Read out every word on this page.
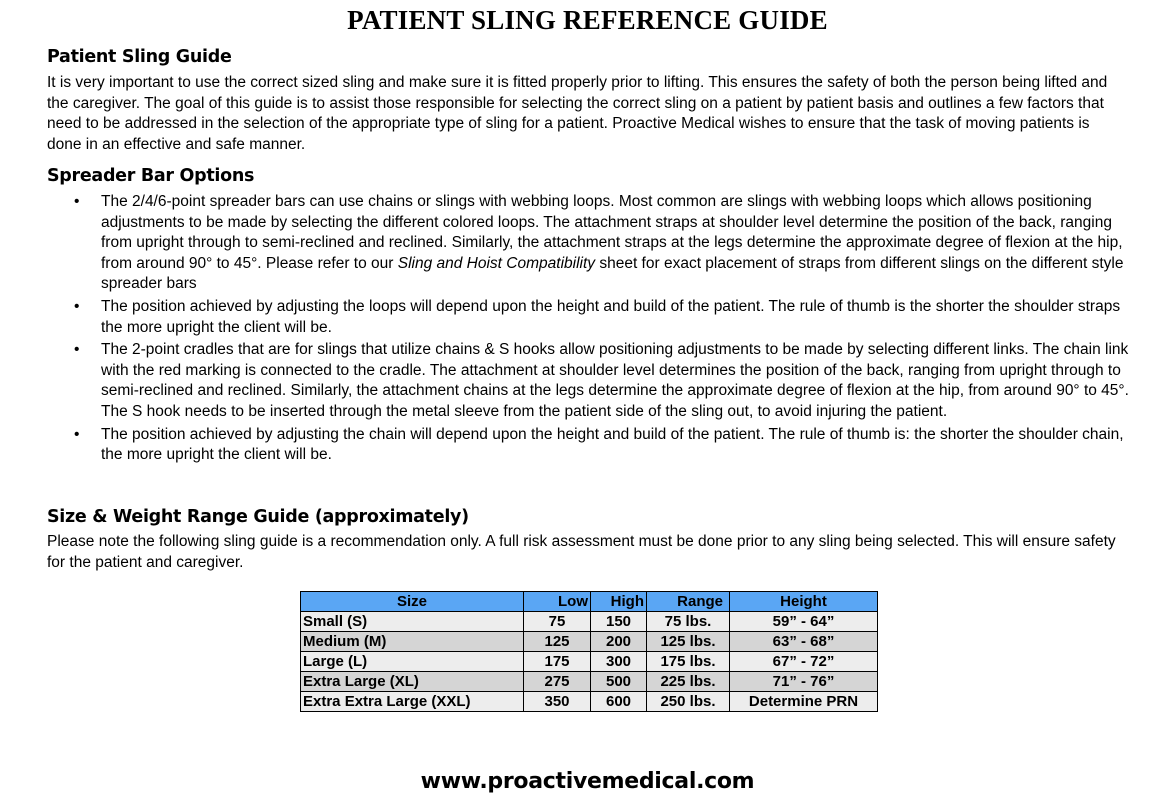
PATIENT SLING REFERENCE GUIDE
Patient Sling Guide
It is very important to use the correct sized sling and make sure it is fitted properly prior to lifting. This ensures the safety of both the person being lifted and the caregiver. The goal of this guide is to assist those responsible for selecting the correct sling on a patient by patient basis and outlines a few factors that need to be addressed in the selection of the appropriate type of sling for a patient. Proactive Medical wishes to ensure that the task of moving patients is done in an effective and safe manner.
Spreader Bar Options
• The 2/4/6-point spreader bars can use chains or slings with webbing loops. Most common are slings with webbing loops which allows positioning adjustments to be made by selecting the different colored loops. The attachment straps at shoulder level determine the position of the back, ranging from upright through to semi-reclined and reclined. Similarly, the attachment straps at the legs determine the approximate degree of flexion at the hip, from around 90° to 45°. Please refer to our Sling and Hoist Compatibility sheet for exact placement of straps from different slings on the different style spreader bars
• The position achieved by adjusting the loops will depend upon the height and build of the patient. The rule of thumb is the shorter the shoulder straps the more upright the client will be.
• The 2-point cradles that are for slings that utilize chains & S hooks allow positioning adjustments to be made by selecting different links. The chain link with the red marking is connected to the cradle. The attachment at shoulder level determines the position of the back, ranging from upright through to semi-reclined and reclined. Similarly, the attachment chains at the legs determine the approximate degree of flexion at the hip, from around 90° to 45°. The S hook needs to be inserted through the metal sleeve from the patient side of the sling out, to avoid injuring the patient.
• The position achieved by adjusting the chain will depend upon the height and build of the patient. The rule of thumb is: the shorter the shoulder chain, the more upright the client will be.
Size & Weight Range Guide (approximately)
Please note the following sling guide is a recommendation only. A full risk assessment must be done prior to any sling being selected. This will ensure safety for the patient and caregiver.
Size	Low	High	Range	Height
Small (S)	75	150	75 lbs.	59” - 64”
Medium (M)	125	200	125 lbs.	63” - 68”
Large (L)	175	300	175 lbs.	67” - 72”
Extra Large (XL)	275	500	225 lbs.	71” - 76”
Extra Extra Large (XXL)	350	600	250 lbs.	Determine PRN
www.proactivemedical.com
